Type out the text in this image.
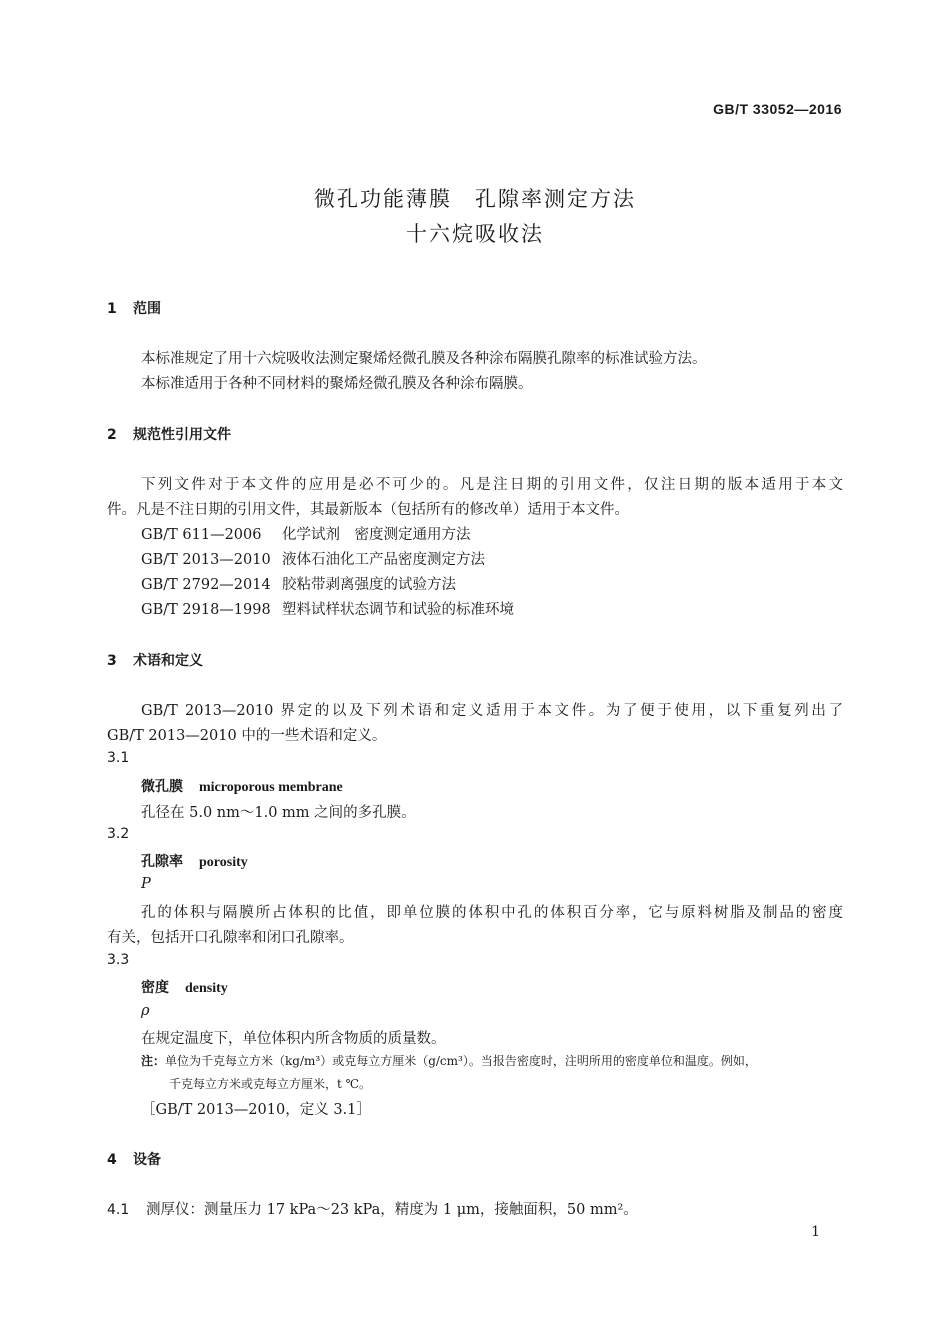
GB/T 33052—2016
微孔功能薄膜　孔隙率测定方法
十六烷吸收法
1 范围
本标准规定了用十六烷吸收法测定聚烯烃微孔膜及各种涂布隔膜孔隙率的标准试验方法。
本标准适用于各种不同材料的聚烯烃微孔膜及各种涂布隔膜。
2 规范性引用文件
下列文件对于本文件的应用是必不可少的。凡是注日期的引用文件，仅注日期的版本适用于本文
件。凡是不注日期的引用文件，其最新版本（包括所有的修改单）适用于本文件。
GB/T 611—2006 化学试剂　密度测定通用方法
GB/T 2013—2010 液体石油化工产品密度测定方法
GB/T 2792—2014 胶粘带剥离强度的试验方法
GB/T 2918—1998 塑料试样状态调节和试验的标准环境
3 术语和定义
GB/T 2013—2010 界定的以及下列术语和定义适用于本文件。为了便于使用，以下重复列出了
GB/T 2013—2010 中的一些术语和定义。
3.1
微孔膜 microporous membrane
孔径在 5.0 nm～1.0 mm 之间的多孔膜。
3.2
孔隙率 porosity
P
孔的体积与隔膜所占体积的比值，即单位膜的体积中孔的体积百分率，它与原料树脂及制品的密度
有关，包括开口孔隙率和闭口孔隙率。
3.3
密度 density
ρ
在规定温度下，单位体积内所含物质的质量数。
注：单位为千克每立方米（kg/m³）或克每立方厘米（g/cm³）。当报告密度时，注明所用的密度单位和温度。例如，
千克每立方米或克每立方厘米，t ℃。
［GB/T 2013—2010，定义 3.1］
4 设备
4.1 测厚仪：测量压力 17 kPa～23 kPa，精度为 1 μm，接触面积，50 mm²。
1
